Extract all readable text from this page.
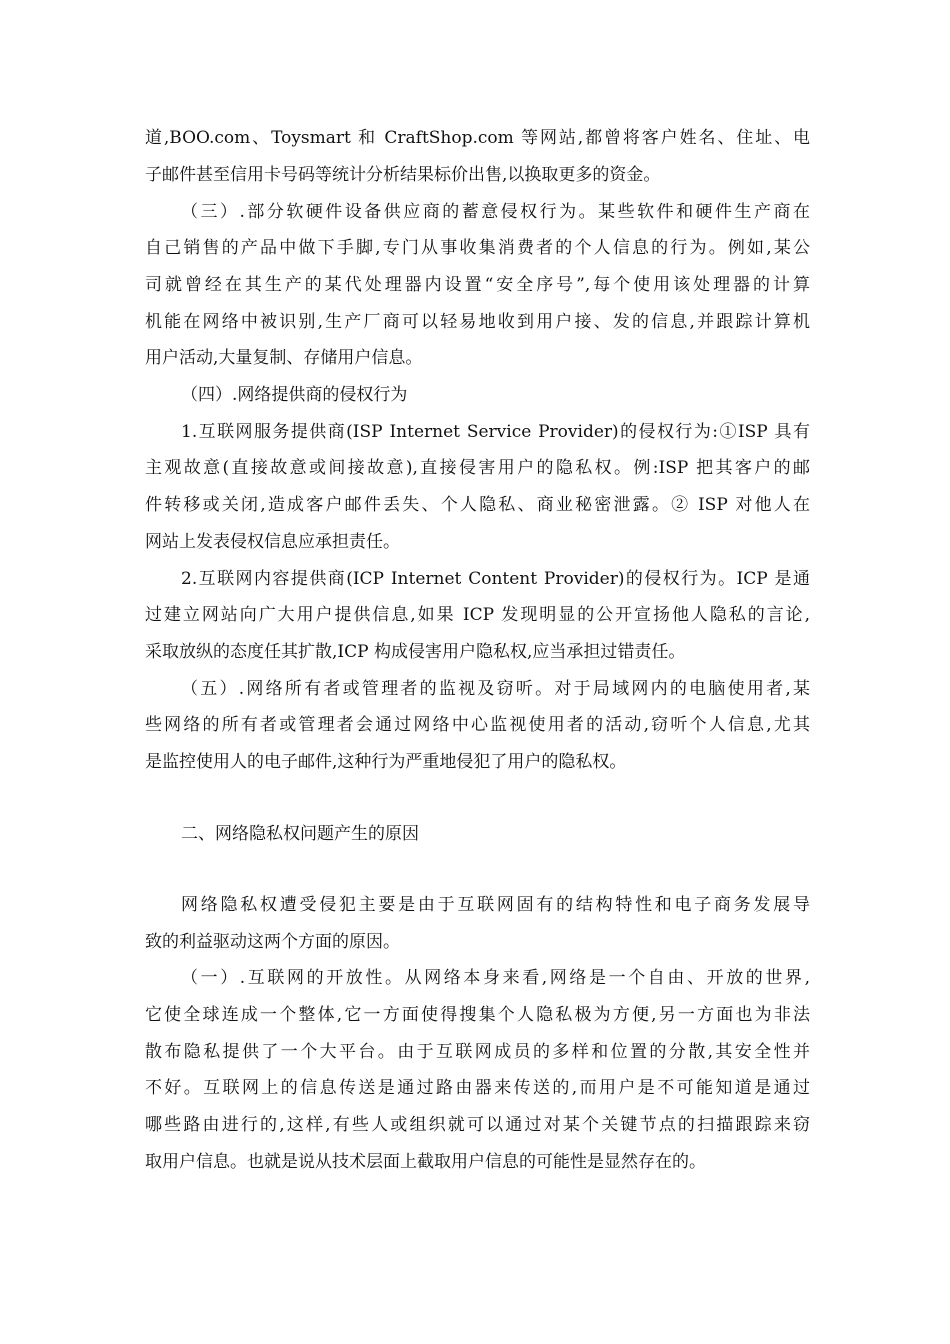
道,BOO.com、Toysmart 和 CraftShop.com 等网站,都曾将客户姓名、住址、电
子邮件甚至信用卡号码等统计分析结果标价出售,以换取更多的资金。
（三）.部分软硬件设备供应商的蓄意侵权行为。某些软件和硬件生产商在
自己销售的产品中做下手脚,专门从事收集消费者的个人信息的行为。例如,某公
司就曾经在其生产的某代处理器内设置“安全序号”,每个使用该处理器的计算
机能在网络中被识别,生产厂商可以轻易地收到用户接、发的信息,并跟踪计算机
用户活动,大量复制、存储用户信息。
（四）.网络提供商的侵权行为
1.互联网服务提供商(ISP Internet Service Provider)的侵权行为:①ISP 具有
主观故意(直接故意或间接故意),直接侵害用户的隐私权。例:ISP 把其客户的邮
件转移或关闭,造成客户邮件丢失、个人隐私、商业秘密泄露。② ISP 对他人在
网站上发表侵权信息应承担责任。
2.互联网内容提供商(ICP Internet Content Provider)的侵权行为。ICP 是通
过建立网站向广大用户提供信息,如果 ICP 发现明显的公开宣扬他人隐私的言论,
采取放纵的态度任其扩散,ICP 构成侵害用户隐私权,应当承担过错责任。
（五）.网络所有者或管理者的监视及窃听。对于局域网内的电脑使用者,某
些网络的所有者或管理者会通过网络中心监视使用者的活动,窃听个人信息,尤其
是监控使用人的电子邮件,这种行为严重地侵犯了用户的隐私权。
二、网络隐私权问题产生的原因
网络隐私权遭受侵犯主要是由于互联网固有的结构特性和电子商务发展导
致的利益驱动这两个方面的原因。
（一）.互联网的开放性。从网络本身来看,网络是一个自由、开放的世界,
它使全球连成一个整体,它一方面使得搜集个人隐私极为方便,另一方面也为非法
散布隐私提供了一个大平台。由于互联网成员的多样和位置的分散,其安全性并
不好。互联网上的信息传送是通过路由器来传送的,而用户是不可能知道是通过
哪些路由进行的,这样,有些人或组织就可以通过对某个关键节点的扫描跟踪来窃
取用户信息。也就是说从技术层面上截取用户信息的可能性是显然存在的。
